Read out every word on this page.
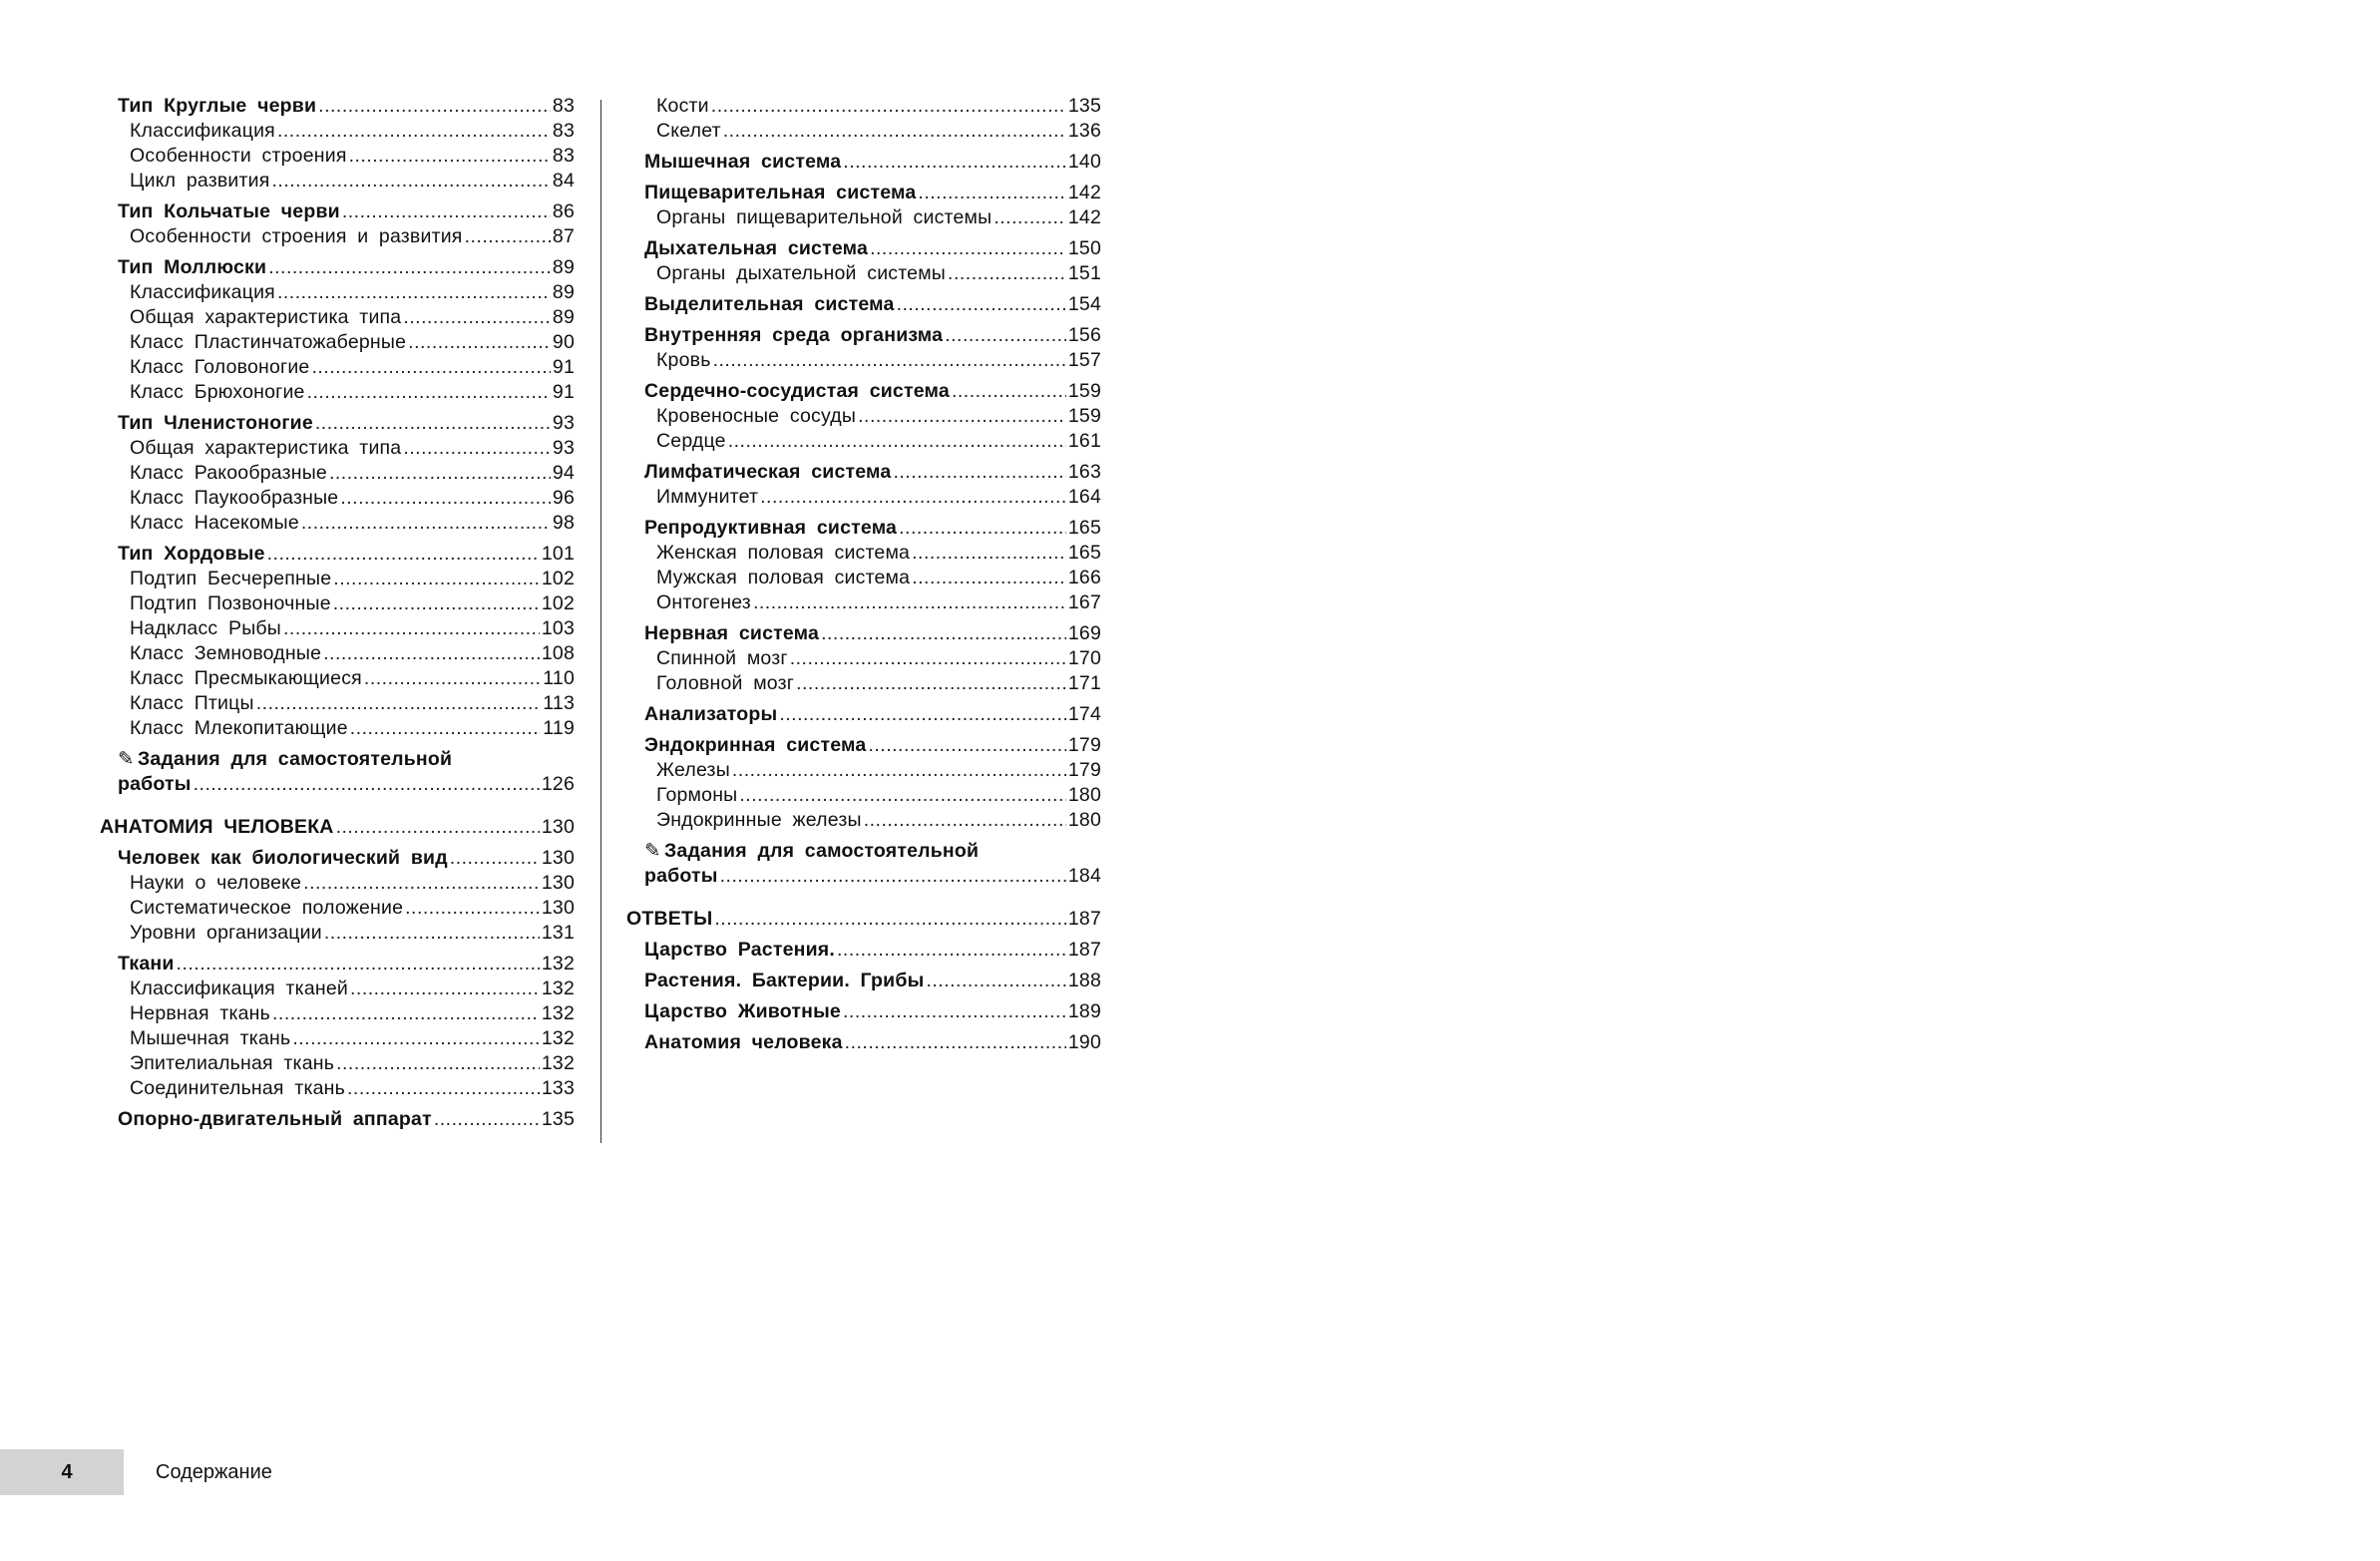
Тип Круглые черви .....	83
Классификация .....	83
Особенности строения .....	83
Цикл развития .....	84
Тип Кольчатые черви .....	86
Особенности строения и развития .....	87
Тип Моллюски .....	89
Классификация .....	89
Общая характеристика типа .....	89
Класс Пластинчатожаберные .....	90
Класс Головоногие .....	91
Класс Брюхоногие .....	91
Тип Членистоногие .....	93
Общая характеристика типа .....	93
Класс Ракообразные .....	94
Класс Паукообразные .....	96
Класс Насекомые .....	98
Тип Хордовые .....	101
Подтип Бесчерепные .....	102
Подтип Позвоночные .....	102
Надкласс Рыбы .....	103
Класс Земноводные .....	108
Класс Пресмыкающиеся .....	110
Класс Птицы .....	113
Класс Млекопитающие .....	119
✎ Задания для самостоятельной
работы .....	126
АНАТОМИЯ ЧЕЛОВЕКА .....	130
Человек как биологический вид .....	130
Науки о человеке .....	130
Систематическое положение .....	130
Уровни организации .....	131
Ткани .....	132
Классификация тканей .....	132
Нервная ткань .....	132
Мышечная ткань .....	132
Эпителиальная ткань .....	132
Соединительная ткань .....	133
Опорно-двигательный аппарат .....	135
Кости .....	135
Скелет .....	136
Мышечная система .....	140
Пищеварительная система .....	142
Органы пищеварительной системы .....	142
Дыхательная система .....	150
Органы дыхательной системы .....	151
Выделительная система .....	154
Внутренняя среда организма .....	156
Кровь .....	157
Сердечно-сосудистая система .....	159
Кровеносные сосуды .....	159
Сердце .....	161
Лимфатическая система .....	163
Иммунитет .....	164
Репродуктивная система .....	165
Женская половая система .....	165
Мужская половая система .....	166
Онтогенез .....	167
Нервная система .....	169
Спинной мозг .....	170
Головной мозг .....	171
Анализаторы .....	174
Эндокринная система .....	179
Железы .....	179
Гормоны .....	180
Эндокринные железы .....	180
✎ Задания для самостоятельной
работы .....	184
ОТВЕТЫ .....	187
Царство Растения. .....	187
Растения. Бактерии. Грибы .....	188
Царство Животные .....	189
Анатомия человека .....	190
4	Содержание
